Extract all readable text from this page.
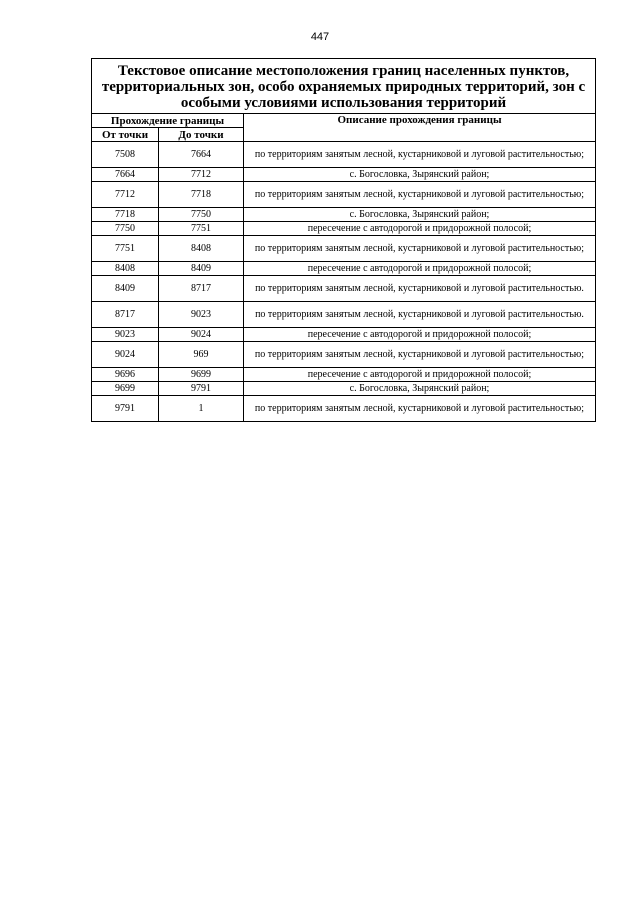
447
Текстовое описание местоположения границ населенных пунктов, территориальных зон, особо охраняемых природных территорий, зон с особыми условиями использования территорий		
Прохождение границы		Описание прохождения границы
От точки	До точки	
7508	7664	по территориям занятым лесной, кустарниковой и луговой растительностью;
7664	7712	с. Богословка, Зырянский район;
7712	7718	по территориям занятым лесной, кустарниковой и луговой растительностью;
7718	7750	с. Богословка, Зырянский район;
7750	7751	пересечение с автодорогой и придорожной полосой;
7751	8408	по территориям занятым лесной, кустарниковой и луговой растительностью;
8408	8409	пересечение с автодорогой и придорожной полосой;
8409	8717	по территориям занятым лесной, кустарниковой и луговой растительностью.
8717	9023	по территориям занятым лесной, кустарниковой и луговой растительностью.
9023	9024	пересечение с автодорогой и придорожной полосой;
9024	969	по территориям занятым лесной, кустарниковой и луговой растительностью;
9696	9699	пересечение с автодорогой и придорожной полосой;
9699	9791	с. Богословка, Зырянский район;
9791	1	по территориям занятым лесной, кустарниковой и луговой растительностью;
